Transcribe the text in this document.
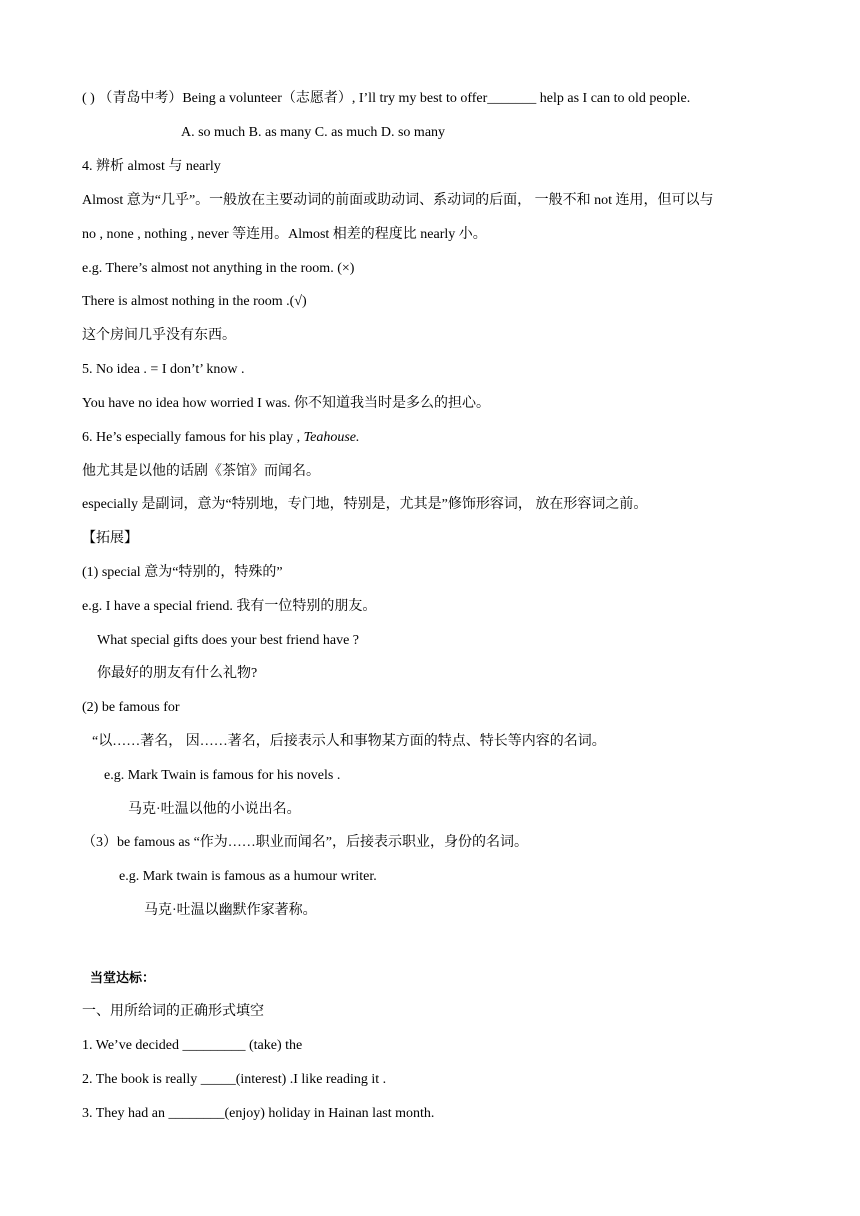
( ) （青岛中考）Being a volunteer（志愿者）, I’ll try my best to offer_______ help as I can to old people.
A. so much B. as many C. as much D. so many
4. 辨析 almost 与 nearly
Almost 意为“几乎”。一般放在主要动词的前面或助动词、系动词的后面， 一般不和 not 连用，但可以与
no , none , nothing , never 等连用。Almost 相差的程度比 nearly 小。
e.g. There’s almost not anything in the room. (×)
There is almost nothing in the room .(√)
这个房间几乎没有东西。
5. No idea . = I don’t’ know .
You have no idea how worried I was. 你不知道我当时是多么的担心。
6. He’s especially famous for his play , Teahouse.
他尤其是以他的话剧《茶馆》而闻名。
especially 是副词，意为“特别地，专门地，特别是，尤其是”修饰形容词， 放在形容词之前。
【拓展】
(1) special 意为“特别的，特殊的”
e.g. I have a special friend. 我有一位特别的朋友。
What special gifts does your best friend have ?
你最好的朋友有什么礼物?
(2) be famous for
“以……著名， 因……著名，后接表示人和事物某方面的特点、特长等内容的名词。
e.g. Mark Twain is famous for his novels .
马克·吐温以他的小说出名。
（3）be famous as “作为……职业而闻名”，后接表示职业，身份的名词。
e.g. Mark twain is famous as a humour writer.
马克·吐温以幽默作家著称。
当堂达标：
一、用所给词的正确形式填空
1. We’ve decided _________ (take) the
2. The book is really _____(interest) .I like reading it .
3. They had an ________(enjoy) holiday in Hainan last month.
